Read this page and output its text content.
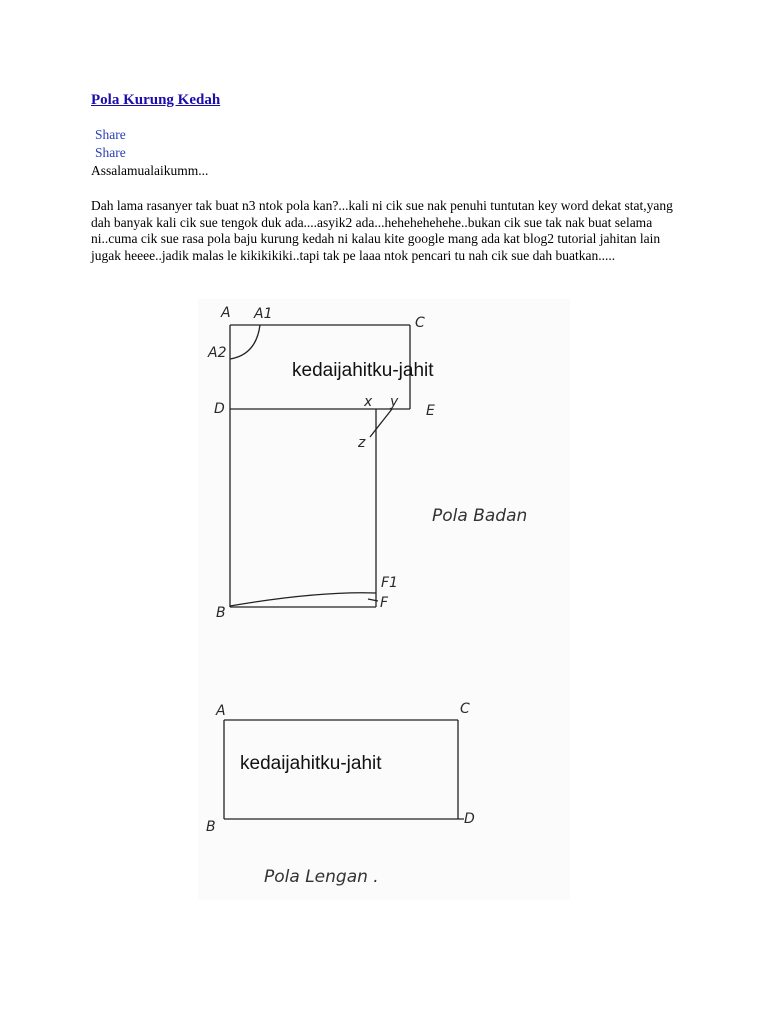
Pola Kurung Kedah
Share
Share
Assalamualaikumm...
Dah lama rasanyer tak buat n3 ntok pola kan?...kali ni cik sue nak penuhi tuntutan key word dekat stat,yang dah banyak kali cik sue tengok duk ada....asyik2 ada...hehehehehehe..bukan cik sue tak nak buat selama ni..cuma cik sue rasa pola baju kurung kedah ni kalau kite google mang ada kat blog2 tutorial jahitan lain jugak heeee..jadik malas le kikikikiki..tapi tak pe laaa ntok pencari tu nah cik sue dah buatkan.....
A A1
A2
C
D	x y
E
z
F1
B
F
kedaijahitku-jahit
Pola Badan
A	C
B	D
kedaijahitku-jahit
Pola Lengan .
